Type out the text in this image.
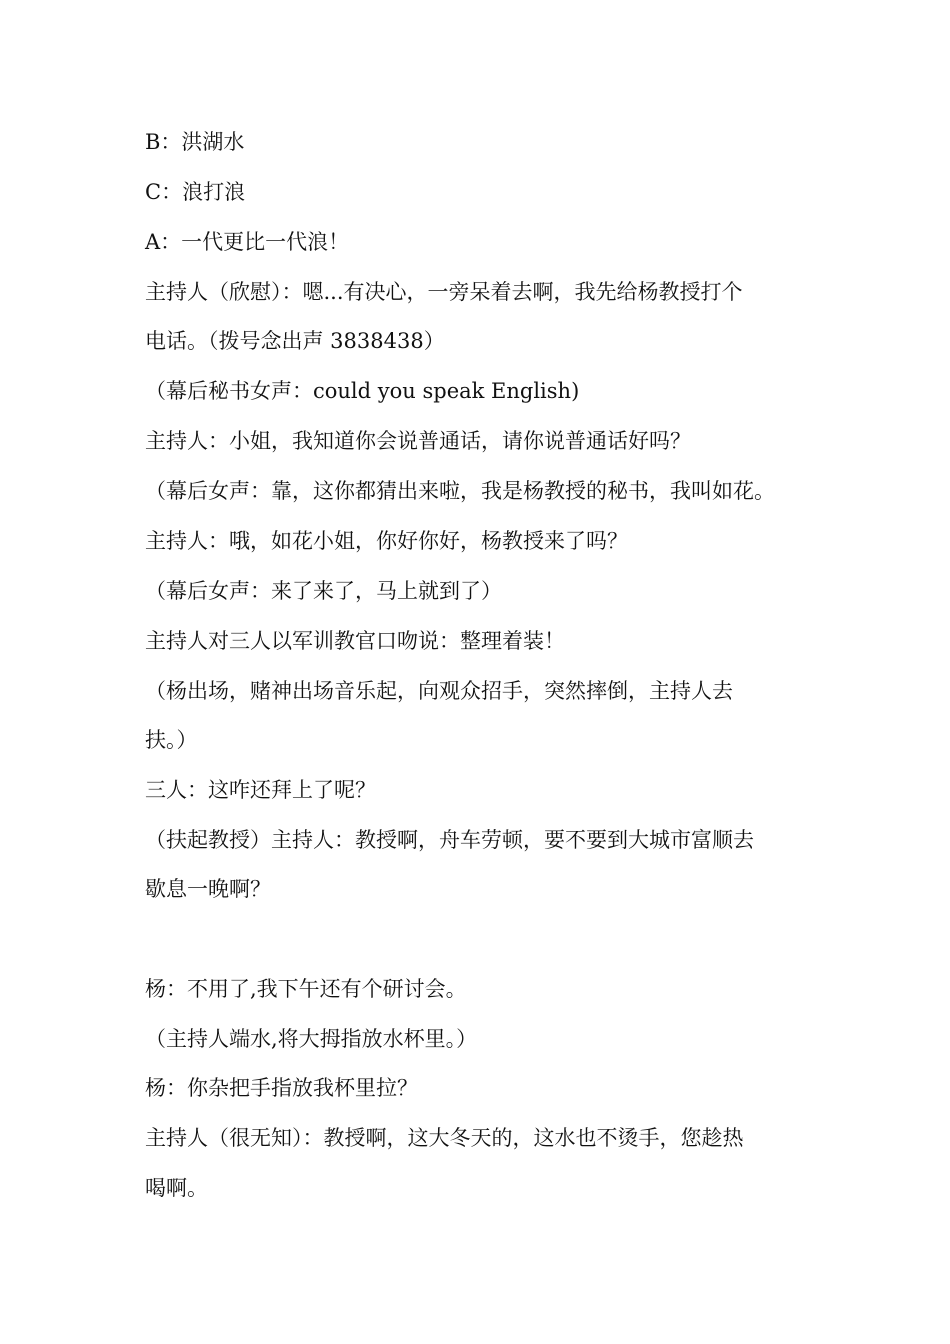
B：洪湖水
C：浪打浪
A：一代更比一代浪！
主持人（欣慰）：嗯...有决心，一旁呆着去啊，我先给杨教授打个
电话。（拨号念出声 3838438）
（幕后秘书女声：could you speak English)
主持人：小姐，我知道你会说普通话，请你说普通话好吗？
（幕后女声：靠，这你都猜出来啦，我是杨教授的秘书，我叫如花。
主持人：哦，如花小姐，你好你好，杨教授来了吗？
（幕后女声：来了来了，马上就到了）
主持人对三人以军训教官口吻说：整理着装！
（杨出场，赌神出场音乐起，向观众招手，突然摔倒，主持人去
扶。）
三人：这咋还拜上了呢？
（扶起教授）主持人：教授啊，舟车劳顿，要不要到大城市富顺去
歇息一晚啊？
杨：不用了,我下午还有个研讨会。
（主持人端水,将大拇指放水杯里。）
杨：你杂把手指放我杯里拉？
主持人（很无知）：教授啊，这大冬天的，这水也不烫手，您趁热
喝啊。
